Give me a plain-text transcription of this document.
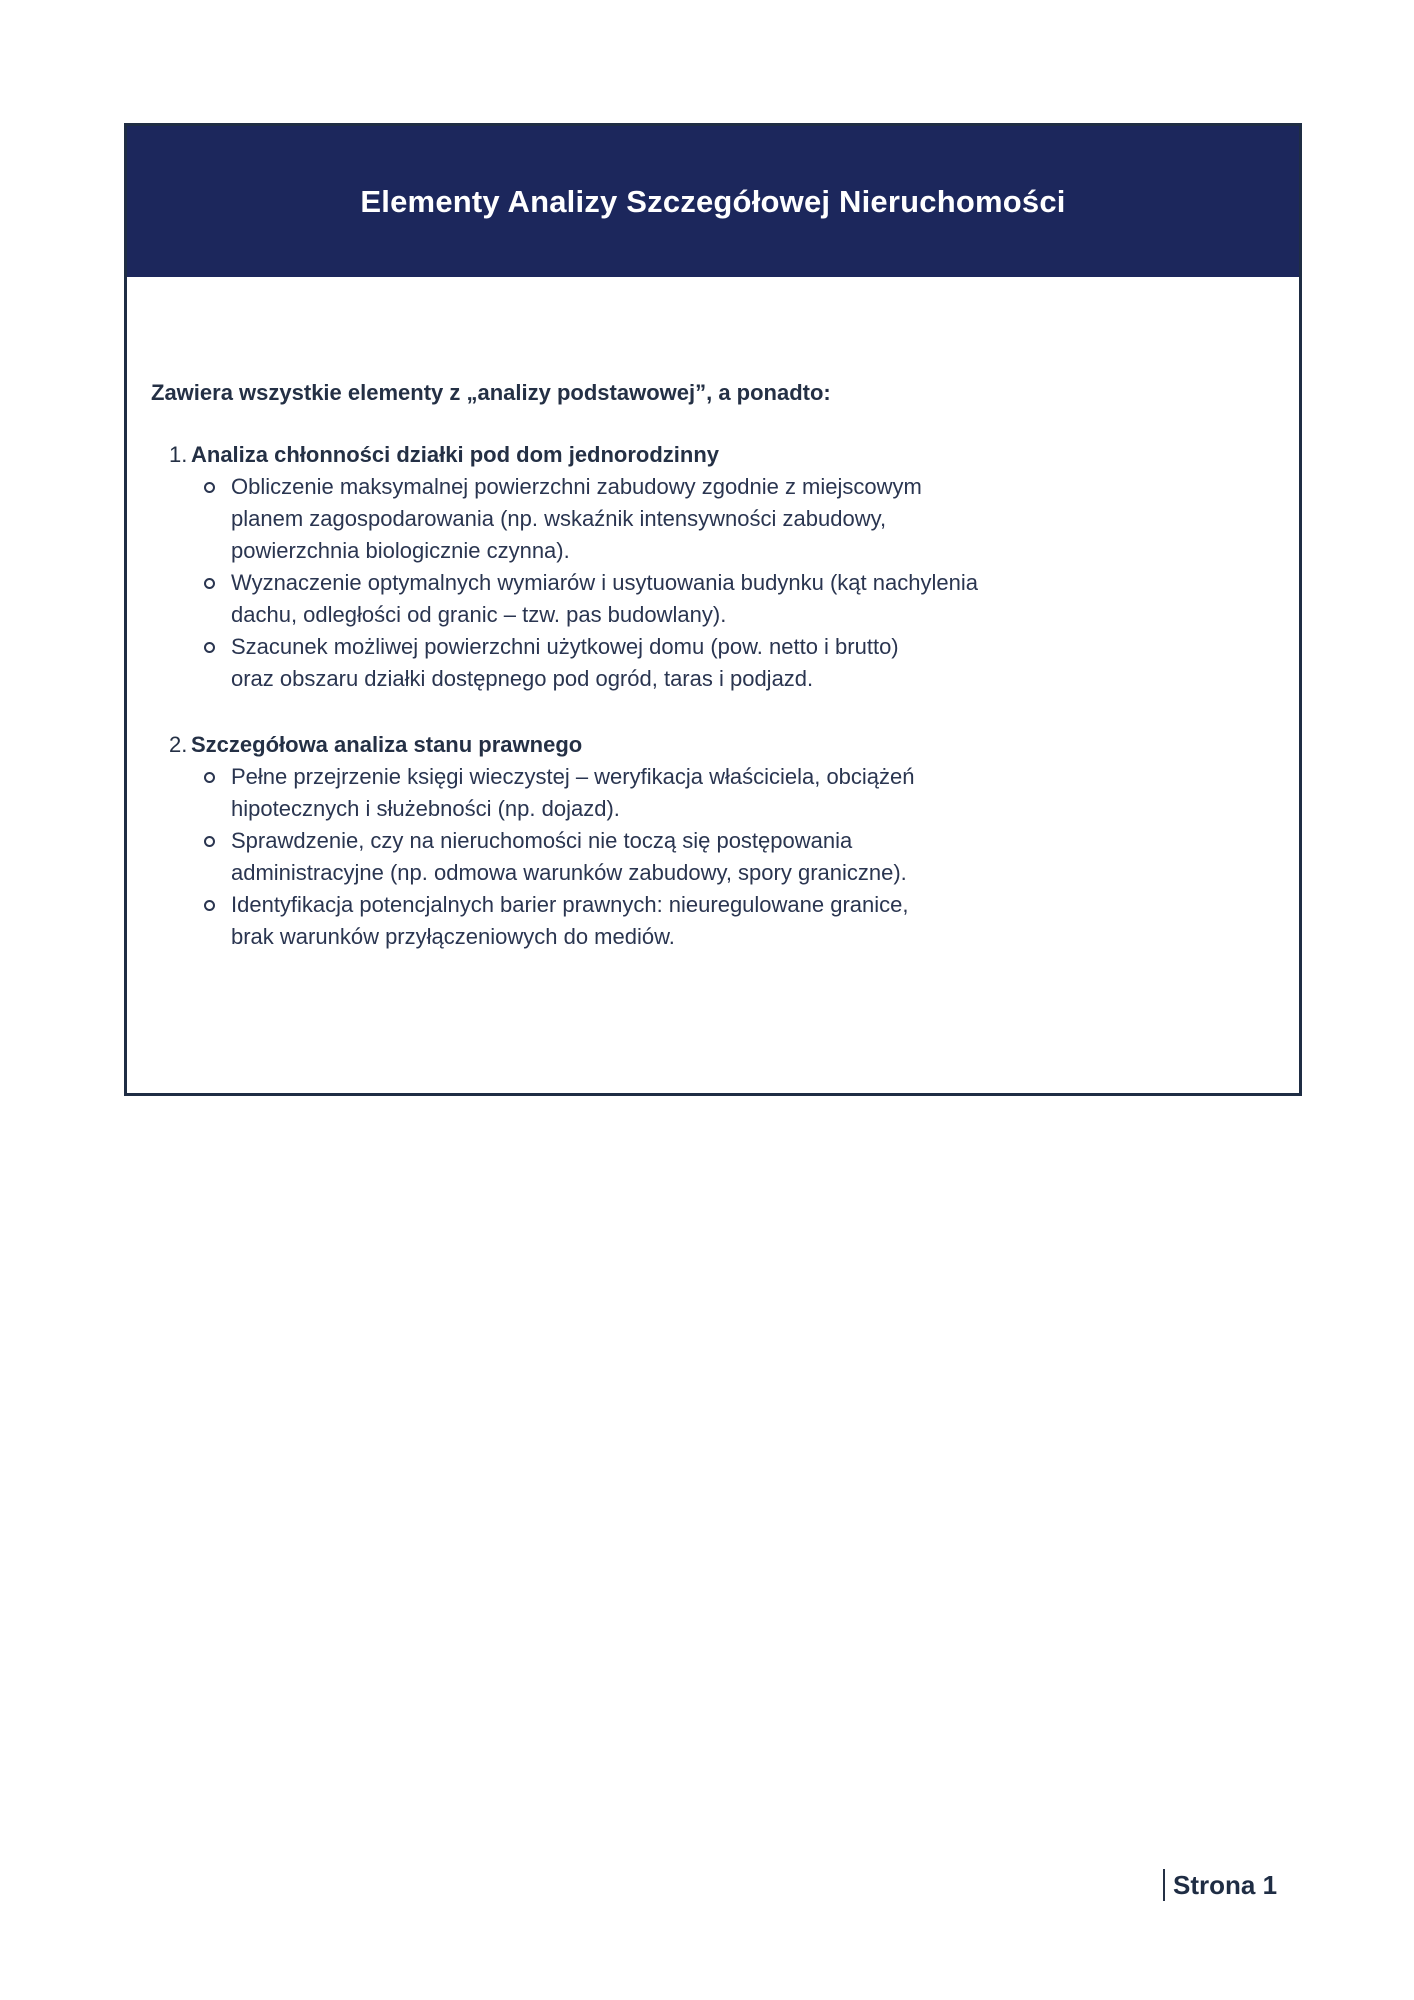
Elementy Analizy Szczegółowej Nieruchomości

Zawiera wszystkie elementy z „analizy podstawowej”, a ponadto:

1. Analiza chłonności działki pod dom jednorodzinny
Obliczenie maksymalnej powierzchni zabudowy zgodnie z miejscowym
planem zagospodarowania (np. wskaźnik intensywności zabudowy,
powierzchnia biologicznie czynna).
Wyznaczenie optymalnych wymiarów i usytuowania budynku (kąt nachylenia
dachu, odległości od granic – tzw. pas budowlany).
Szacunek możliwej powierzchni użytkowej domu (pow. netto i brutto)
oraz obszaru działki dostępnego pod ogród, taras i podjazd.
2. Szczegółowa analiza stanu prawnego
Pełne przejrzenie księgi wieczystej – weryfikacja właściciela, obciążeń
hipotecznych i służebności (np. dojazd).
Sprawdzenie, czy na nieruchomości nie toczą się postępowania
administracyjne (np. odmowa warunków zabudowy, spory graniczne).
Identyfikacja potencjalnych barier prawnych: nieuregulowane granice,
brak warunków przyłączeniowych do mediów.
Strona 1
